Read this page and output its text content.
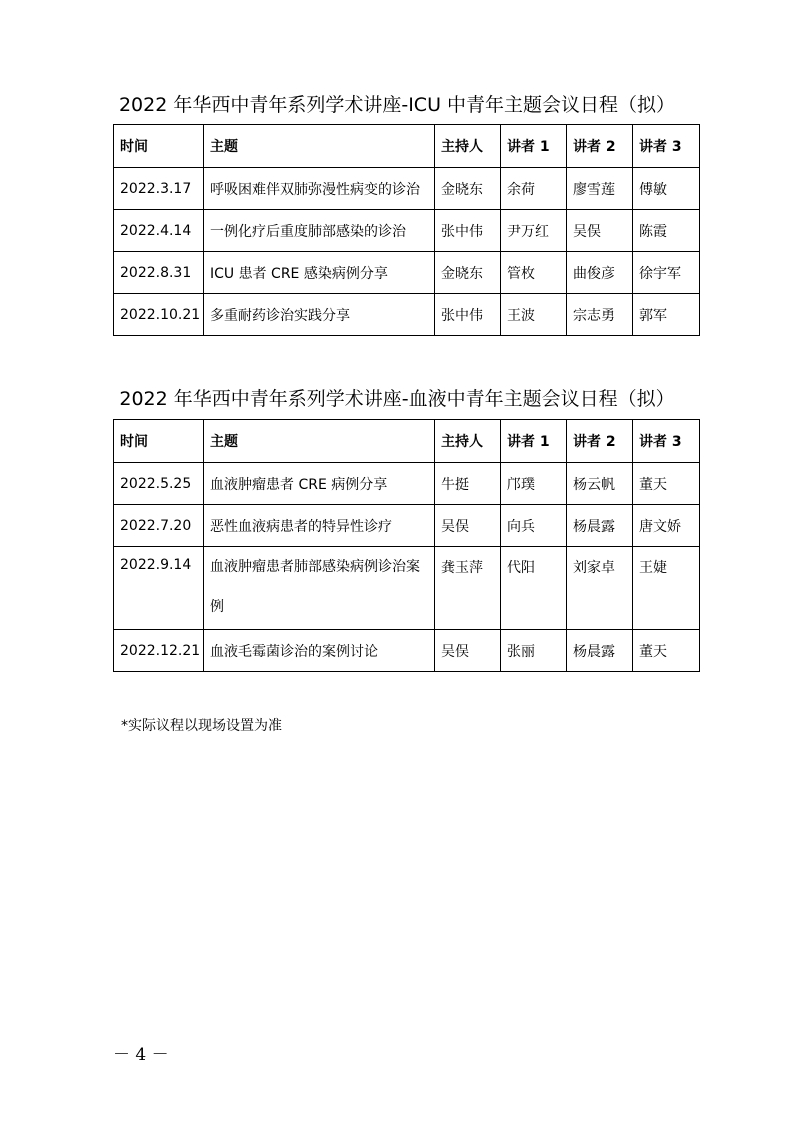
2022 年华西中青年系列学术讲座-ICU 中青年主题会议日程（拟）
时间	主题	主持人	讲者 1	讲者 2	讲者 3
2022.3.17	呼吸困难伴双肺弥漫性病变的诊治	金晓东	余荷	廖雪莲	傅敏
2022.4.14	一例化疗后重度肺部感染的诊治	张中伟	尹万红	吴俣	陈霞
2022.8.31	ICU 患者 CRE 感染病例分享	金晓东	管枚	曲俊彦	徐宇军
2022.10.21	多重耐药诊治实践分享	张中伟	王波	宗志勇	郭军
2022 年华西中青年系列学术讲座-血液中青年主题会议日程（拟）
时间	主题	主持人	讲者 1	讲者 2	讲者 3
2022.5.25	血液肿瘤患者 CRE 病例分享	牛挺	邝璞	杨云帆	董天
2022.7.20	恶性血液病患者的特异性诊疗	吴俣	向兵	杨晨露	唐文娇
2022.9.14	血液肿瘤患者肺部感染病例诊治案例	龚玉萍	代阳	刘家卓	王婕
2022.12.21	血液毛霉菌诊治的案例讨论	吴俣	张丽	杨晨露	董天
*实际议程以现场设置为准
－ 4 －
